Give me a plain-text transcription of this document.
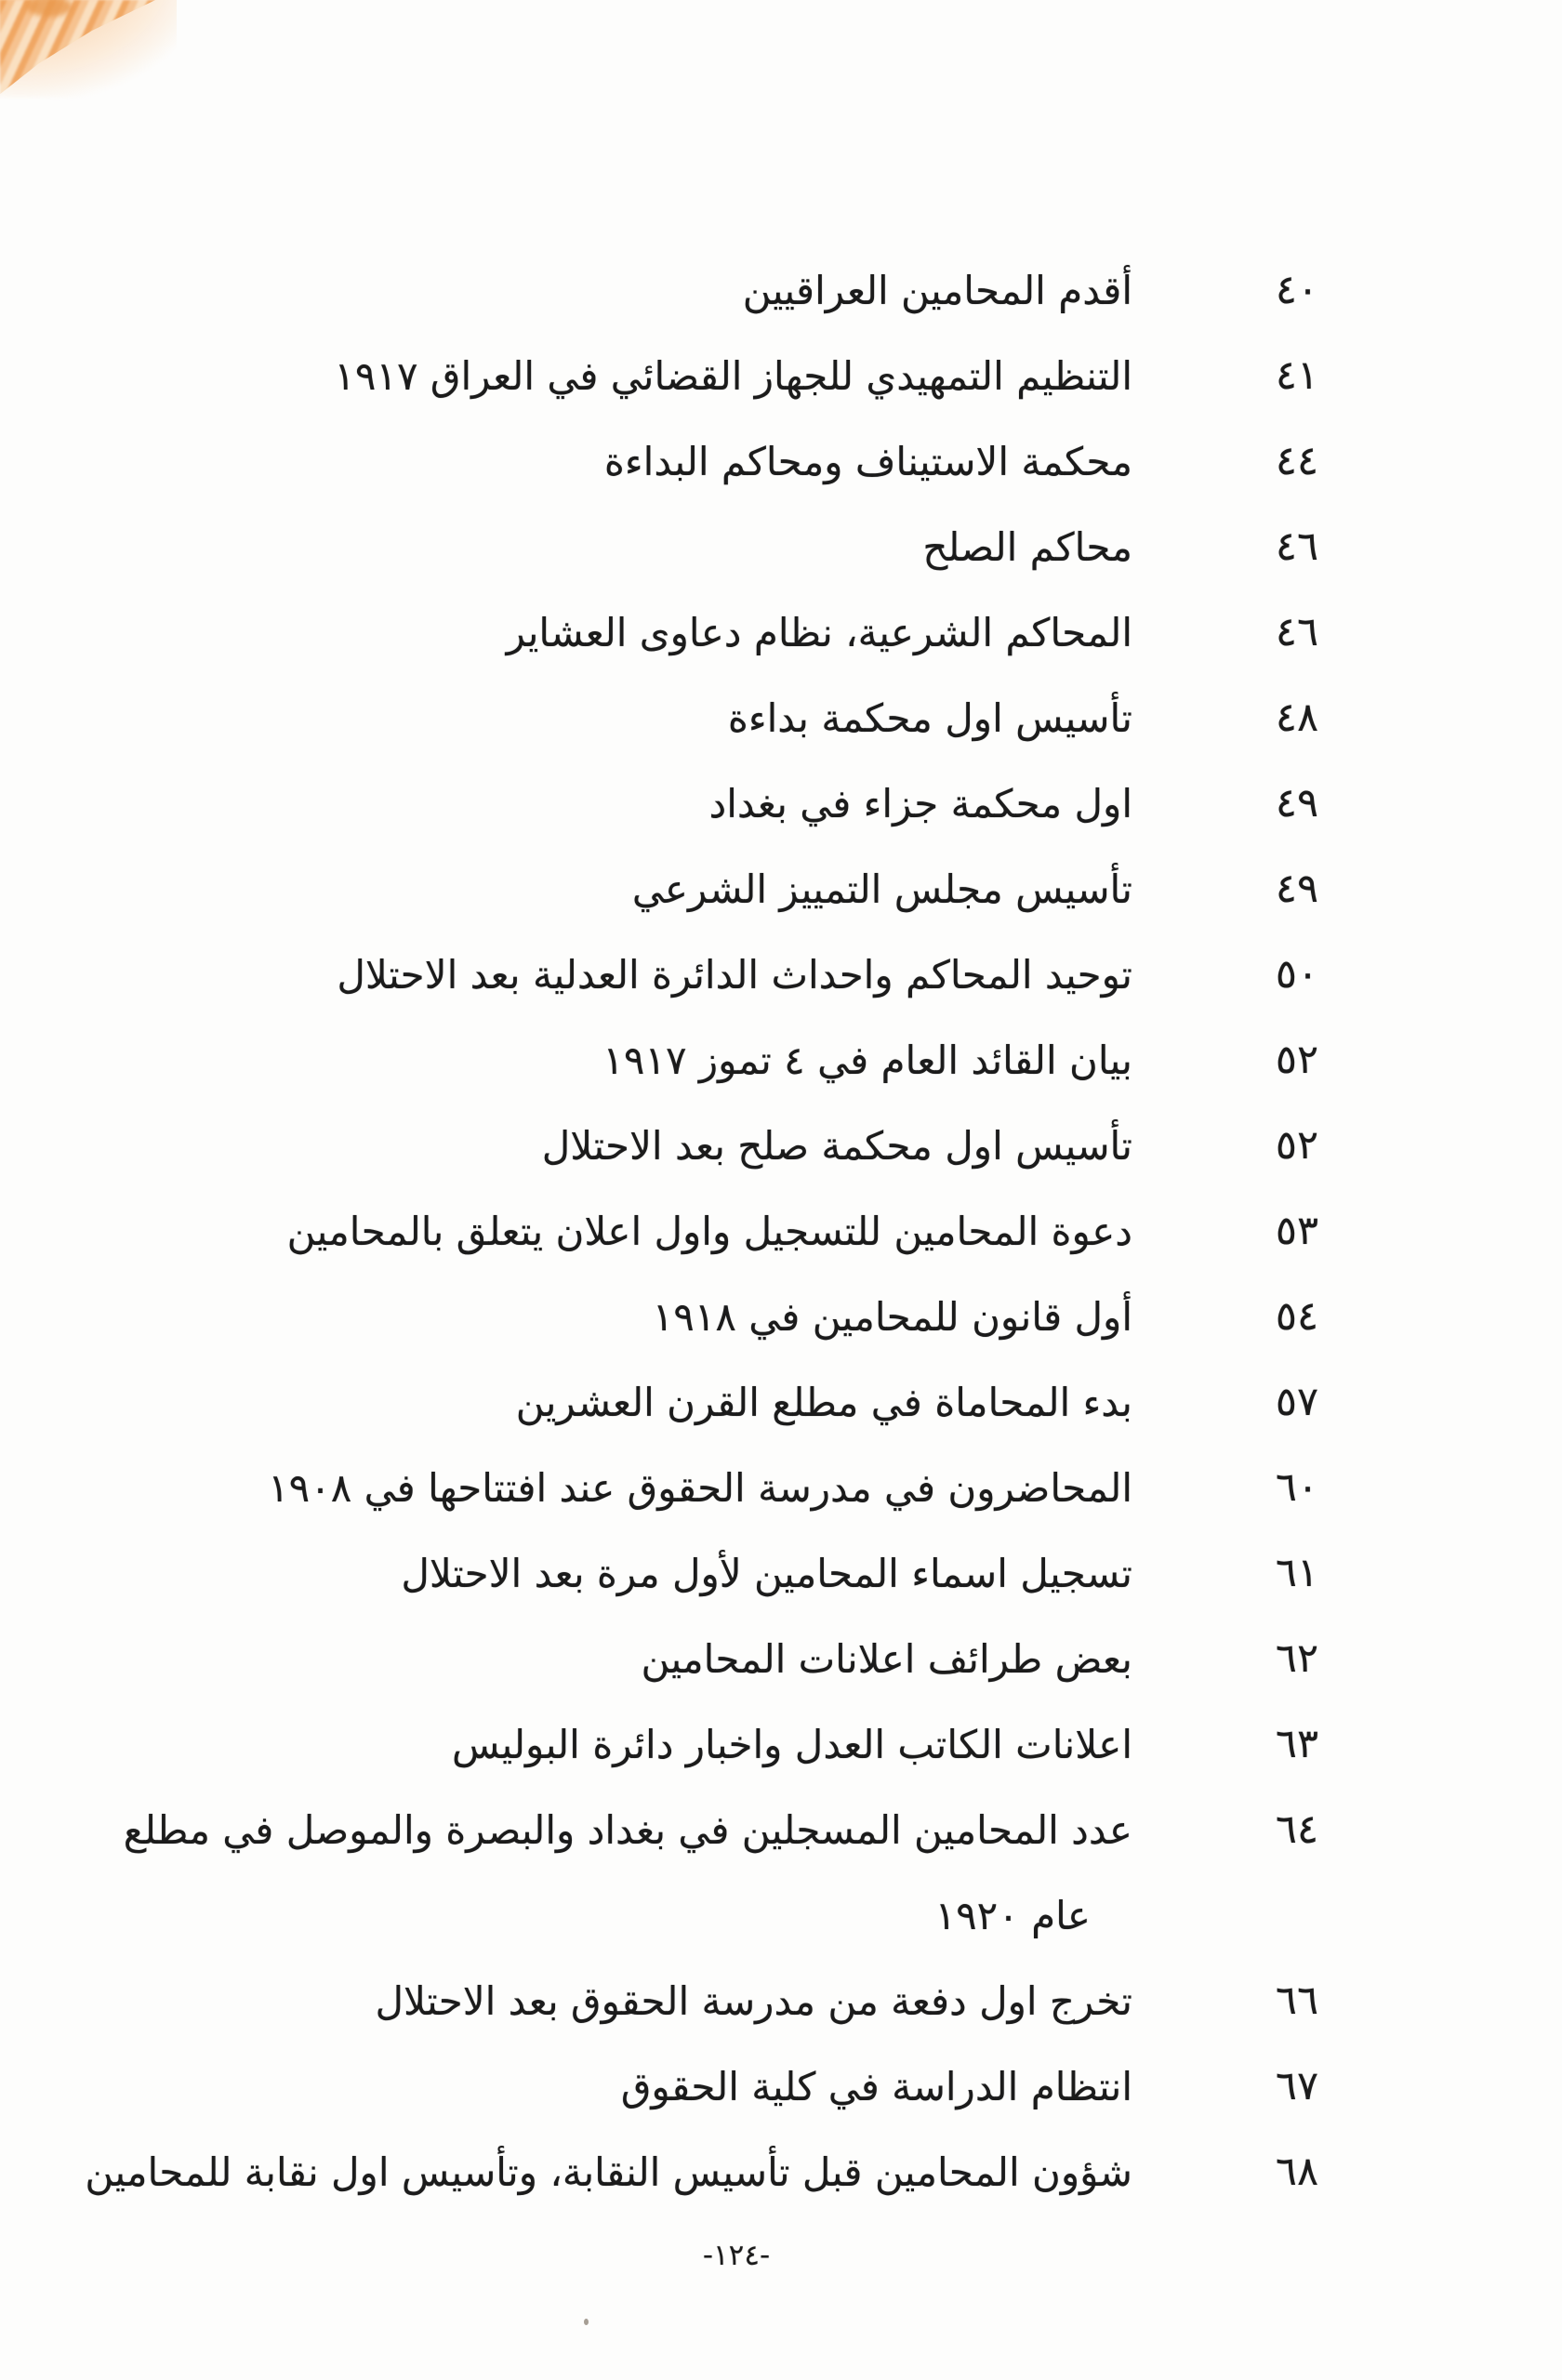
٤٠
أقدم المحامين العراقيين
٤١
التنظيم التمهيدي للجهاز القضائي في العراق ١٩١٧
٤٤
محكمة الاستيناف ومحاكم البداءة
٤٦
محاكم الصلح
٤٦
المحاكم الشرعية، نظام دعاوى العشاير
٤٨
تأسيس اول محكمة بداءة
٤٩
اول محكمة جزاء في بغداد
٤٩
تأسيس مجلس التمييز الشرعي
٥٠
توحيد المحاكم واحداث الدائرة العدلية بعد الاحتلال
٥٢
بيان القائد العام في ٤ تموز ١٩١٧
٥٢
تأسيس اول محكمة صلح بعد الاحتلال
٥٣
دعوة المحامين للتسجيل واول اعلان يتعلق بالمحامين
٥٤
أول قانون للمحامين في ١٩١٨
٥٧
بدء المحاماة في مطلع القرن العشرين
٦٠
المحاضرون في مدرسة الحقوق عند افتتاحها في ١٩٠٨
٦١
تسجيل اسماء المحامين لأول مرة بعد الاحتلال
٦٢
بعض طرائف اعلانات المحامين
٦٣
اعلانات الكاتب العدل واخبار دائرة البوليس
٦٤
عدد المحامين المسجلين في بغداد والبصرة والموصل في مطلع
عام ١٩٢٠
٦٦
تخرج اول دفعة من مدرسة الحقوق بعد الاحتلال
٦٧
انتظام الدراسة في كلية الحقوق
٦٨
شؤون المحامين قبل تأسيس النقابة، وتأسيس اول نقابة للمحامين
-١٢٤-
